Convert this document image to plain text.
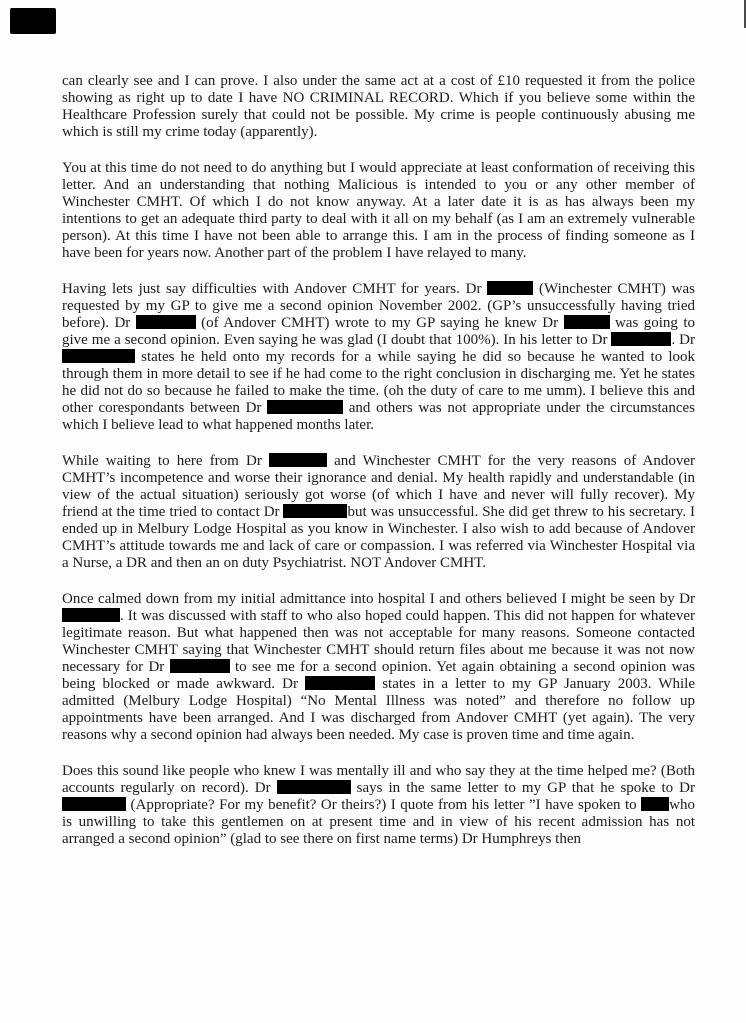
can clearly see and I can prove. I also under the same act at a cost of £10 requested it from the police showing as right up to date I have NO CRIMINAL RECORD. Which if you believe some within the Healthcare Profession surely that could not be possible. My crime is people continuously abusing me which is still my crime today (apparently).

You at this time do not need to do anything but I would appreciate at least conformation of receiving this letter. And an understanding that nothing Malicious is intended to you or any other member of Winchester CMHT. Of which I do not know anyway. At a later date it is as has always been my intentions to get an adequate third party to deal with it all on my behalf (as I am an extremely vulnerable person). At this time I have not been able to arrange this. I am in the process of finding someone as I have been for years now. Another part of the problem I have relayed to many.

Having lets just say difficulties with Andover CMHT for years. Dr	(Winchester CMHT) was requested by my GP to give me a second opinion November 2002. (GP’s unsuccessfully having tried before). Dr	(of Andover CMHT) wrote to my GP saying he knew Dr	was going to give me a second opinion. Even saying he was glad (I doubt that 100%). In his letter to Dr	. Dr  states he held onto my records for a while saying he did so because he wanted to look through them in more detail to see if he had come to the right conclusion in discharging me. Yet he states he did not do so because he failed to make the time. (oh the duty of care to me umm). I believe this and other corespondants between Dr	and others was not appropriate under the circumstances which I believe lead to what happened months later.

While waiting to here from Dr	and Winchester CMHT for the very reasons of Andover CMHT’s incompetence and worse their ignorance and denial. My health rapidly and understandable (in view of the actual situation) seriously got worse (of which I have and never will fully recover). My friend at the time tried to contact Dr	but was unsuccessful. She did get threw to his secretary. I ended up in Melbury Lodge Hospital as you know in Winchester. I also wish to add because of Andover CMHT’s attitude towards me and lack of care or compassion. I was referred via Winchester Hospital via a Nurse, a DR and then an on duty Psychiatrist. NOT Andover CMHT.

Once calmed down from my initial admittance into hospital I and others believed I might be seen by Dr . It was discussed with staff to who also hoped could happen. This did not happen for whatever legitimate reason. But what happened then was not acceptable for many reasons. Someone contacted Winchester CMHT saying that Winchester CMHT should return files about me because it was not now necessary for Dr	to see me for a second opinion. Yet again obtaining a second opinion was being blocked or made awkward. Dr	states in a letter to my GP January 2003. While admitted (Melbury Lodge Hospital) “No Mental Illness was noted” and therefore no follow up appointments have been arranged. And I was discharged from Andover CMHT (yet again). The very reasons why a second opinion had always been needed. My case is proven time and time again.

Does this sound like people who knew I was mentally ill and who say they at the time helped me? (Both accounts regularly on record). Dr	says in the same letter to my GP that he spoke to Dr  (Appropriate? For my benefit? Or theirs?) I quote from his letter ”I have spoken to who is unwilling to take this gentlemen on at present time and in view of his recent admission has not arranged a second opinion” (glad to see there on first name terms) Dr Humphreys then
